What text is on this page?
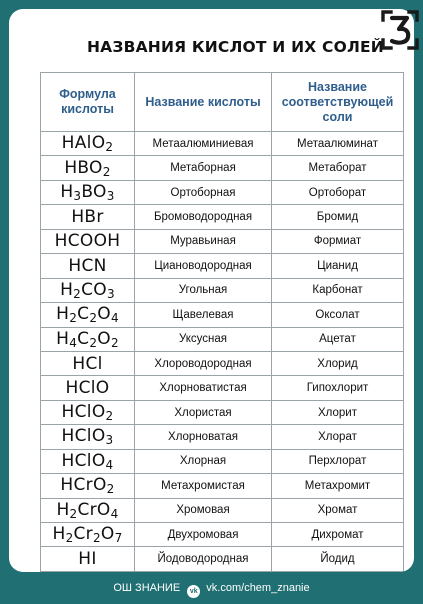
НАЗВАНИЯ КИСЛОТ И ИХ СОЛЕЙ
Формула кислоты	Название кислоты	Название соответствующей соли
HAlO$_2$	Метаалюминиевая	Метаалюминат
$HBO_2$	Метаборная	Метаборат
$H_3BO_3$	Ортоборная	Ортоборат
HBr	Бромоводородная	Бромид
HCOOH	Муравьиная	Формиат
HCN	Циановодородная	Цианид
$H_2CO_3$	Угольная	Карбонат
$H_2C_2O_4$	Щавелевая	Оксолат
$H_4C_2O_2$	Уксусная	Ацетат
HCl	Хлороводородная	Хлорид
HClO	Хлорноватистая	Гипохлорит
HClO$_2$	Хлористая	Хлорит
HClO$_3$	Хлорноватая	Хлорат
HClO$_4$	Хлорная	Перхлорат
HCrO$_2$	Метахромистая	Метахромит
$H_2CrO_4$	Хромовая	Хромат
$H_2Cr_2O_7$	Двухромовая	Дихромат
HI	Йодоводородная	Йодид
ОШ ЗНАНИЕ vk vk.com/chem_znanie
